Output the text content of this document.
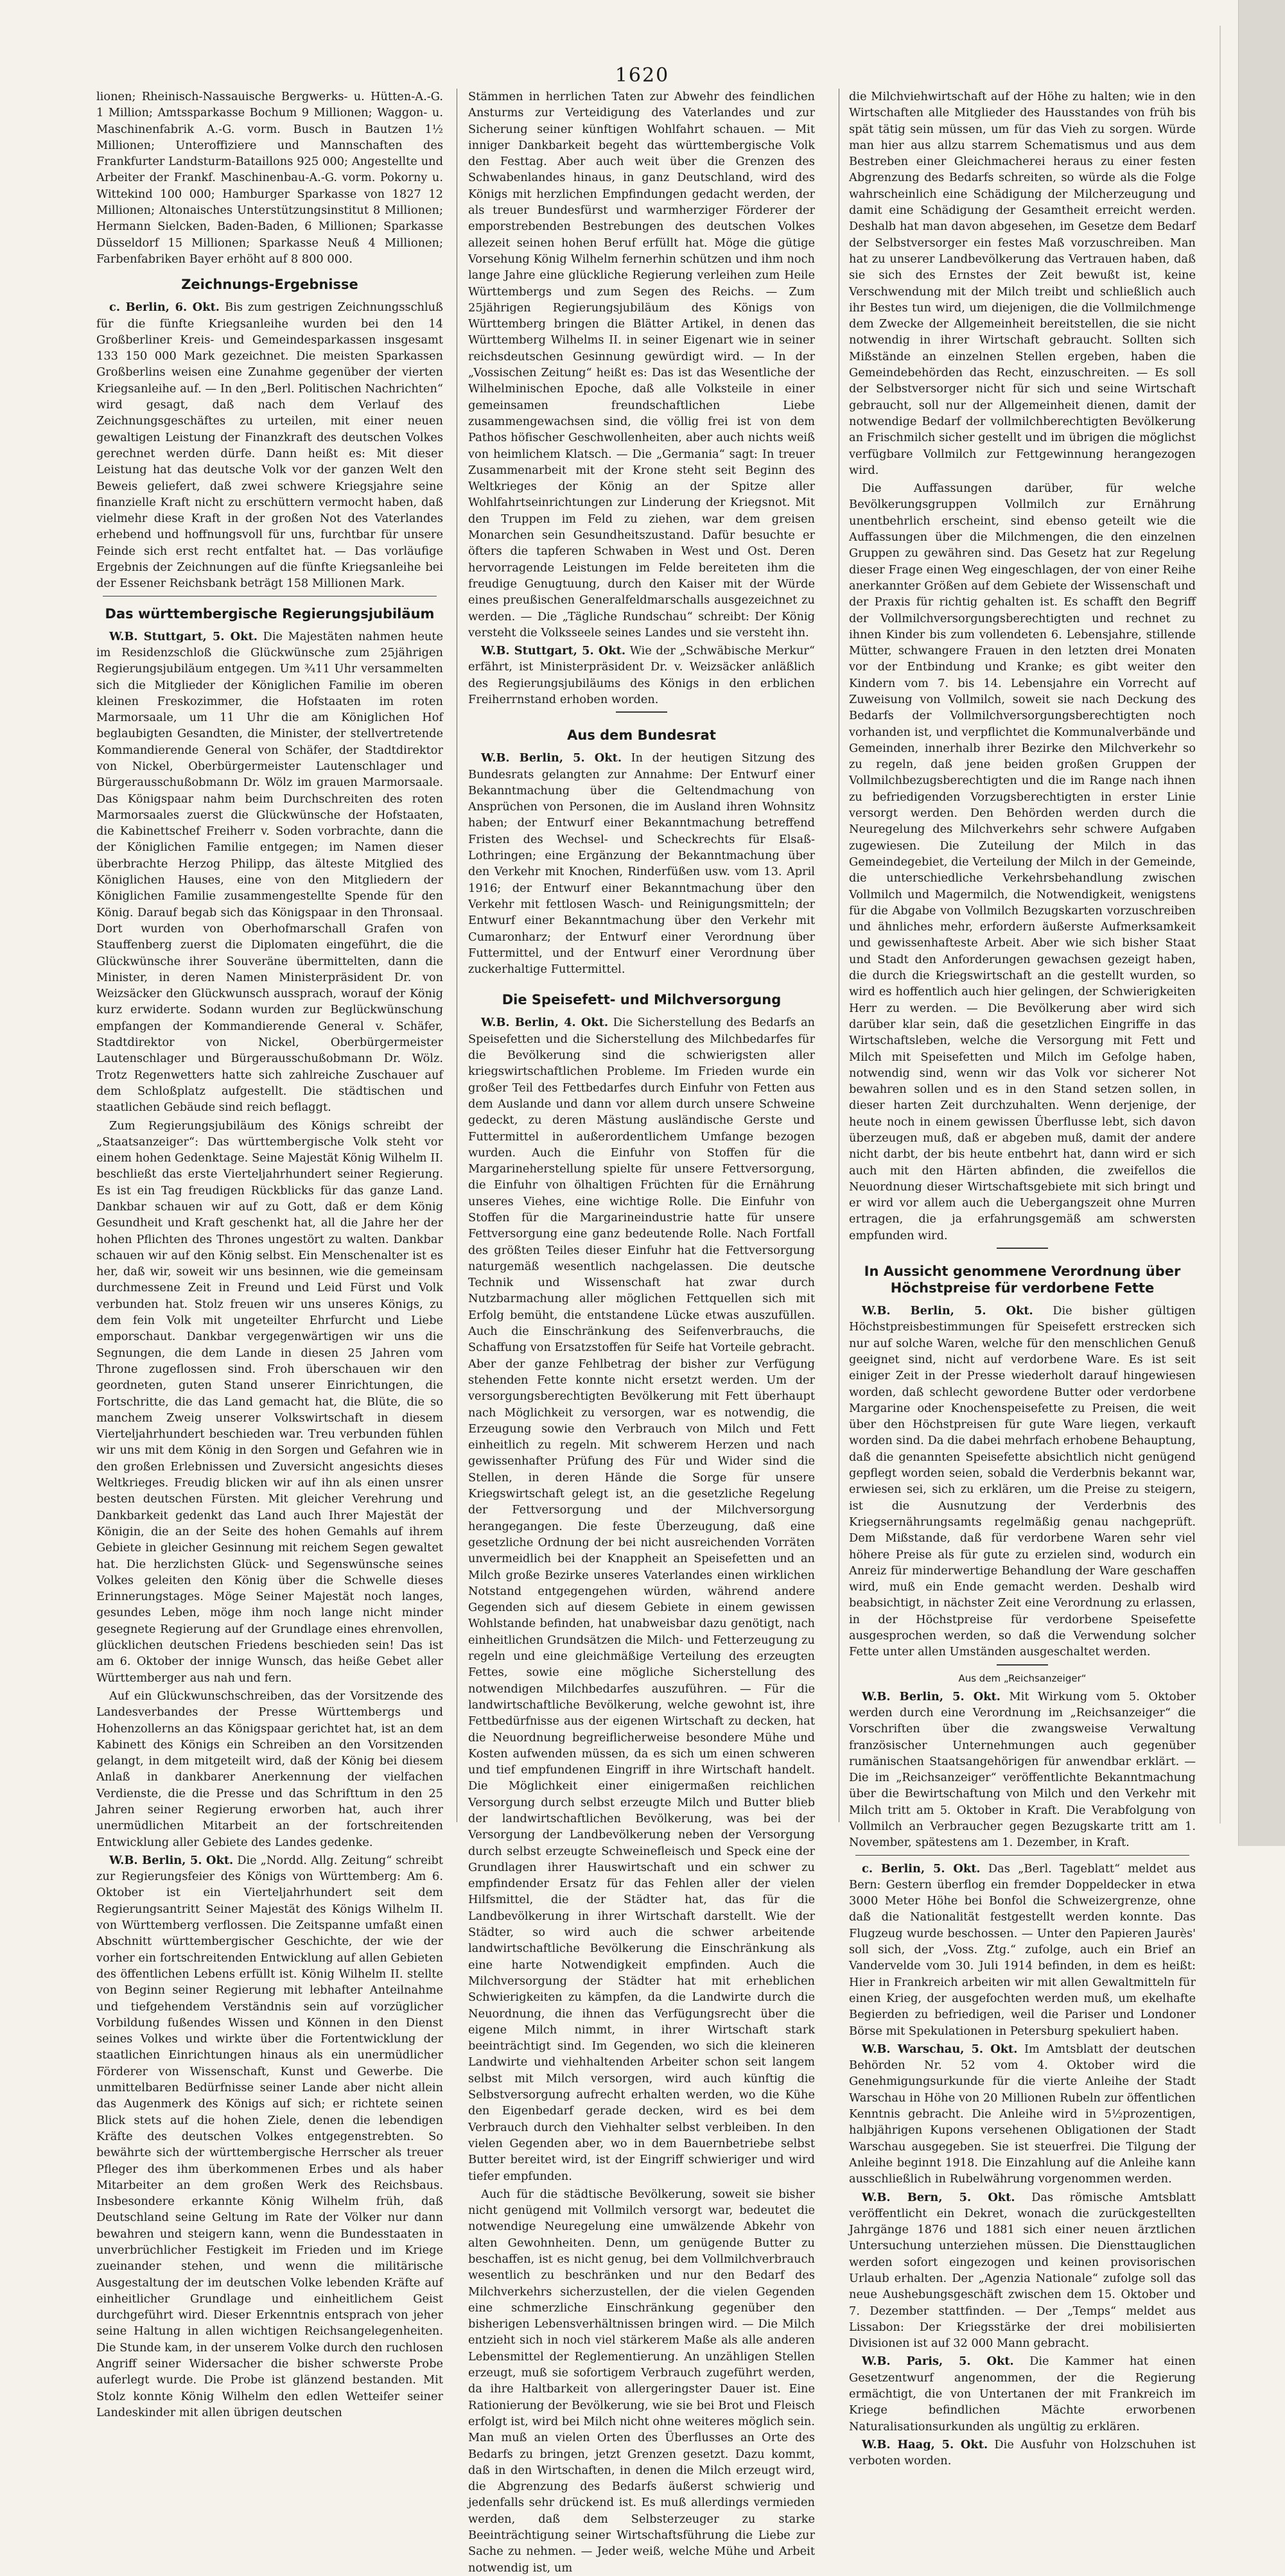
1620

lionen; Rheinisch-Nassauische Bergwerks- u. Hütten-A.-G. 1 Million; Amtssparkasse Bochum 9 Millionen; Waggon- u. Maschinenfabrik A.-G. vorm. Busch in Bautzen 1½ Millionen; Unteroffiziere und Mannschaften des Frankfurter Landsturm-Bataillons 925 000; Angestellte und Arbeiter der Frankf. Maschinenbau-A.-G. vorm. Pokorny u. Wittekind 100 000; Hamburger Sparkasse von 1827 12 Millionen; Altonaisches Unterstützungsinstitut 8 Millionen; Hermann Sielcken, Baden-Baden, 6 Millionen; Sparkasse Düsseldorf 15 Millionen; Sparkasse Neuß 4 Millionen; Farbenfabriken Bayer erhöht auf 8 800 000.

Zeichnungs-Ergebnisse

c. Berlin, 6. Okt. Bis zum gestrigen Zeichnungsschluß für die fünfte Kriegsanleihe wurden bei den 14 Großberliner Kreis- und Gemeindesparkassen insgesamt 133 150 000 Mark gezeichnet. Die meisten Sparkassen Großberlins weisen eine Zunahme gegenüber der vierten Kriegsanleihe auf. — In den „Berl. Politischen Nachrichten“ wird gesagt, daß nach dem Verlauf des Zeichnungsgeschäftes zu urteilen, mit einer neuen gewaltigen Leistung der Finanzkraft des deutschen Volkes gerechnet werden dürfe. Dann heißt es: Mit dieser Leistung hat das deutsche Volk vor der ganzen Welt den Beweis geliefert, daß zwei schwere Kriegsjahre seine finanzielle Kraft nicht zu erschüttern vermocht haben, daß vielmehr diese Kraft in der großen Not des Vaterlandes erhebend und hoffnungsvoll für uns, furchtbar für unsere Feinde sich erst recht entfaltet hat. — Das vorläufige Ergebnis der Zeichnungen auf die fünfte Kriegsanleihe bei der Essener Reichsbank beträgt 158 Millionen Mark.

Das württembergische Regierungsjubiläum

W.B. Stuttgart, 5. Okt. Die Majestäten nahmen heute im Residenzschloß die Glückwünsche zum 25jährigen Regierungsjubiläum entgegen. Um ¾11 Uhr versammelten sich die Mitglieder der Königlichen Familie im oberen kleinen Freskozimmer, die Hofstaaten im roten Marmorsaale, um 11 Uhr die am Königlichen Hof beglaubigten Gesandten, die Minister, der stellvertretende Kommandierende General von Schäfer, der Stadtdirektor von Nickel, Oberbürgermeister Lautenschlager und Bürgerausschußobmann Dr. Wölz im grauen Marmorsaale. Das Königspaar nahm beim Durchschreiten des roten Marmorsaales zuerst die Glückwünsche der Hofstaaten, die Kabinettschef Freiherr v. Soden vorbrachte, dann die der Königlichen Familie entgegen; im Namen dieser überbrachte Herzog Philipp, das älteste Mitglied des Königlichen Hauses, eine von den Mitgliedern der Königlichen Familie zusammengestellte Spende für den König. Darauf begab sich das Königspaar in den Thronsaal. Dort wurden von Oberhofmarschall Grafen von Stauffenberg zuerst die Diplomaten eingeführt, die die Glückwünsche ihrer Souveräne übermittelten, dann die Minister, in deren Namen Ministerpräsident Dr. von Weizsäcker den Glückwunsch aussprach, worauf der König kurz erwiderte. Sodann wurden zur Beglückwünschung empfangen der Kommandierende General v. Schäfer, Stadtdirektor von Nickel, Oberbürgermeister Lautenschlager und Bürgerausschußobmann Dr. Wölz. Trotz Regenwetters hatte sich zahlreiche Zuschauer auf dem Schloßplatz aufgestellt. Die städtischen und staatlichen Gebäude sind reich beflaggt.

Zum Regierungsjubiläum des Königs schreibt der „Staatsanzeiger“: Das württembergische Volk steht vor einem hohen Gedenktage. Seine Majestät König Wilhelm II. beschließt das erste Vierteljahrhundert seiner Regierung. Es ist ein Tag freudigen Rückblicks für das ganze Land. Dankbar schauen wir auf zu Gott, daß er dem König Gesundheit und Kraft geschenkt hat, all die Jahre her der hohen Pflichten des Thrones ungestört zu walten. Dankbar schauen wir auf den König selbst. Ein Menschenalter ist es her, daß wir, soweit wir uns besinnen, wie die gemeinsam durchmessene Zeit in Freund und Leid Fürst und Volk verbunden hat. Stolz freuen wir uns unseres Königs, zu dem fein Volk mit ungeteilter Ehrfurcht und Liebe emporschaut. Dankbar vergegenwärtigen wir uns die Segnungen, die dem Lande in diesen 25 Jahren vom Throne zugeflossen sind. Froh überschauen wir den geordneten, guten Stand unserer Einrichtungen, die Fortschritte, die das Land gemacht hat, die Blüte, die so manchem Zweig unserer Volkswirtschaft in diesem Vierteljahrhundert beschieden war. Treu verbunden fühlen wir uns mit dem König in den Sorgen und Gefahren wie in den großen Erlebnissen und Zuversicht angesichts dieses Weltkrieges. Freudig blicken wir auf ihn als einen unsrer besten deutschen Fürsten. Mit gleicher Verehrung und Dankbarkeit gedenkt das Land auch Ihrer Majestät der Königin, die an der Seite des hohen Gemahls auf ihrem Gebiete in gleicher Gesinnung mit reichem Segen gewaltet hat. Die herzlichsten Glück- und Segenswünsche seines Volkes geleiten den König über die Schwelle dieses Erinnerungstages. Möge Seiner Majestät noch langes, gesundes Leben, möge ihm noch lange nicht minder gesegnete Regierung auf der Grundlage eines ehrenvollen, glücklichen deutschen Friedens beschieden sein! Das ist am 6. Oktober der innige Wunsch, das heiße Gebet aller Württemberger aus nah und fern.

Auf ein Glückwunschschreiben, das der Vorsitzende des Landesverbandes der Presse Württembergs und Hohenzollerns an das Königspaar gerichtet hat, ist an dem Kabinett des Königs ein Schreiben an den Vorsitzenden gelangt, in dem mitgeteilt wird, daß der König bei diesem Anlaß in dankbarer Anerkennung der vielfachen Verdienste, die die Presse und das Schrifttum in den 25 Jahren seiner Regierung erworben hat, auch ihrer unermüdlichen Mitarbeit an der fortschreitenden Entwicklung aller Gebiete des Landes gedenke.

W.B. Berlin, 5. Okt. Die „Nordd. Allg. Zeitung“ schreibt zur Regierungsfeier des Königs von Württemberg: Am 6. Oktober ist ein Vierteljahrhundert seit dem Regierungsantritt Seiner Majestät des Königs Wilhelm II. von Württemberg verflossen. Die Zeitspanne umfaßt einen Abschnitt württembergischer Geschichte, der wie der vorher ein fortschreitenden Entwicklung auf allen Gebieten des öffentlichen Lebens erfüllt ist. König Wilhelm II. stellte von Beginn seiner Regierung mit lebhafter Anteilnahme und tiefgehendem Verständnis sein auf vorzüglicher Vorbildung fußendes Wissen und Können in den Dienst seines Volkes und wirkte über die Fortentwicklung der staatlichen Einrichtungen hinaus als ein unermüdlicher Förderer von Wissenschaft, Kunst und Gewerbe. Die unmittelbaren Bedürfnisse seiner Lande aber nicht allein das Augenmerk des Königs auf sich; er richtete seinen Blick stets auf die hohen Ziele, denen die lebendigen Kräfte des deutschen Volkes entgegenstrebten. So bewährte sich der württembergische Herrscher als treuer Pfleger des ihm überkommenen Erbes und als haber Mitarbeiter an dem großen Werk des Reichsbaus. Insbesondere erkannte König Wilhelm früh, daß Deutschland seine Geltung im Rate der Völker nur dann bewahren und steigern kann, wenn die Bundesstaaten in unverbrüchlicher Festigkeit im Frieden und im Kriege zueinander stehen, und wenn die militärische Ausgestaltung der im deutschen Volke lebenden Kräfte auf einheitlicher Grundlage und einheitlichem Geist durchgeführt wird. Dieser Erkenntnis entsprach von jeher seine Haltung in allen wichtigen Reichsangelegenheiten. Die Stunde kam, in der unserem Volke durch den ruchlosen Angriff seiner Widersacher die bisher schwerste Probe auferlegt wurde. Die Probe ist glänzend bestanden. Mit Stolz konnte König Wilhelm den edlen Wetteifer seiner Landeskinder mit allen übrigen deutschen

Stämmen in herrlichen Taten zur Abwehr des feindlichen Ansturms zur Verteidigung des Vaterlandes und zur Sicherung seiner künftigen Wohlfahrt schauen. — Mit inniger Dankbarkeit begeht das württembergische Volk den Festtag. Aber auch weit über die Grenzen des Schwabenlandes hinaus, in ganz Deutschland, wird des Königs mit herzlichen Empfindungen gedacht werden, der als treuer Bundesfürst und warmherziger Förderer der emporstrebenden Bestrebungen des deutschen Volkes allezeit seinen hohen Beruf erfüllt hat. Möge die gütige Vorsehung König Wilhelm fernerhin schützen und ihm noch lange Jahre eine glückliche Regierung verleihen zum Heile Württembergs und zum Segen des Reichs. — Zum 25jährigen Regierungsjubiläum des Königs von Württemberg bringen die Blätter Artikel, in denen das Württemberg Wilhelms II. in seiner Eigenart wie in seiner reichsdeutschen Gesinnung gewürdigt wird. — In der „Vossischen Zeitung“ heißt es: Das ist das Wesentliche der Wilhelminischen Epoche, daß alle Volksteile in einer gemeinsamen freundschaftlichen Liebe zusammengewachsen sind, die völlig frei ist von dem Pathos höfischer Geschwollenheiten, aber auch nichts weiß von heimlichem Klatsch. — Die „Germania“ sagt: In treuer Zusammenarbeit mit der Krone steht seit Beginn des Weltkrieges der König an der Spitze aller Wohlfahrtseinrichtungen zur Linderung der Kriegsnot. Mit den Truppen im Feld zu ziehen, war dem greisen Monarchen sein Gesundheitszustand. Dafür besuchte er öfters die tapferen Schwaben in West und Ost. Deren hervorragende Leistungen im Felde bereiteten ihm die freudige Genugtuung, durch den Kaiser mit der Würde eines preußischen Generalfeldmarschalls ausgezeichnet zu werden. — Die „Tägliche Rundschau“ schreibt: Der König versteht die Volksseele seines Landes und sie versteht ihn.

W.B. Stuttgart, 5. Okt. Wie der „Schwäbische Merkur“ erfährt, ist Ministerpräsident Dr. v. Weizsäcker anläßlich des Regierungsjubiläums des Königs in den erblichen Freiherrnstand erhoben worden.

Aus dem Bundesrat

W.B. Berlin, 5. Okt. In der heutigen Sitzung des Bundesrats gelangten zur Annahme: Der Entwurf einer Bekanntmachung über die Geltendmachung von Ansprüchen von Personen, die im Ausland ihren Wohnsitz haben; der Entwurf einer Bekanntmachung betreffend Fristen des Wechsel- und Scheckrechts für Elsaß-Lothringen; eine Ergänzung der Bekanntmachung über den Verkehr mit Knochen, Rinderfüßen usw. vom 13. April 1916; der Entwurf einer Bekanntmachung über den Verkehr mit fettlosen Wasch- und Reinigungsmitteln; der Entwurf einer Bekanntmachung über den Verkehr mit Cumaronharz; der Entwurf einer Verordnung über Futtermittel, und der Entwurf einer Verordnung über zuckerhaltige Futtermittel.

Die Speisefett- und Milchversorgung

W.B. Berlin, 4. Okt. Die Sicherstellung des Bedarfs an Speisefetten und die Sicherstellung des Milchbedarfes für die Bevölkerung sind die schwierigsten aller kriegswirtschaftlichen Probleme. Im Frieden wurde ein großer Teil des Fettbedarfes durch Einfuhr von Fetten aus dem Auslande und dann vor allem durch unsere Schweine gedeckt, zu deren Mästung ausländische Gerste und Futtermittel in außerordentlichem Umfange bezogen wurden. Auch die Einfuhr von Stoffen für die Margarineherstellung spielte für unsere Fettversorgung, die Einfuhr von ölhaltigen Früchten für die Ernährung unseres Viehes, eine wichtige Rolle. Die Einfuhr von Stoffen für die Margarineindustrie hatte für unsere Fettversorgung eine ganz bedeutende Rolle. Nach Fortfall des größten Teiles dieser Einfuhr hat die Fettversorgung naturgemäß wesentlich nachgelassen. Die deutsche Technik und Wissenschaft hat zwar durch Nutzbarmachung aller möglichen Fettquellen sich mit Erfolg bemüht, die entstandene Lücke etwas auszufüllen. Auch die Einschränkung des Seifenverbrauchs, die Schaffung von Ersatzstoffen für Seife hat Vorteile gebracht. Aber der ganze Fehlbetrag der bisher zur Verfügung stehenden Fette konnte nicht ersetzt werden. Um der versorgungsberechtigten Bevölkerung mit Fett überhaupt nach Möglichkeit zu versorgen, war es notwendig, die Erzeugung sowie den Verbrauch von Milch und Fett einheitlich zu regeln. Mit schwerem Herzen und nach gewissenhafter Prüfung des Für und Wider sind die Stellen, in deren Hände die Sorge für unsere Kriegswirtschaft gelegt ist, an die gesetzliche Regelung der Fettversorgung und der Milchversorgung herangegangen. Die feste Überzeugung, daß eine gesetzliche Ordnung der bei nicht ausreichenden Vorräten unvermeidlich bei der Knappheit an Speisefetten und an Milch große Bezirke unseres Vaterlandes einen wirklichen Notstand entgegengehen würden, während andere Gegenden sich auf diesem Gebiete in einem gewissen Wohlstande befinden, hat unabweisbar dazu genötigt, nach einheitlichen Grundsätzen die Milch- und Fetterzeugung zu regeln und eine gleichmäßige Verteilung des erzeugten Fettes, sowie eine mögliche Sicherstellung des notwendigen Milchbedarfes auszuführen. — Für die landwirtschaftliche Bevölkerung, welche gewohnt ist, ihre Fettbedürfnisse aus der eigenen Wirtschaft zu decken, hat die Neuordnung begreiflicherweise besondere Mühe und Kosten aufwenden müssen, da es sich um einen schweren und tief empfundenen Eingriff in ihre Wirtschaft handelt. Die Möglichkeit einer einigermaßen reichlichen Versorgung durch selbst erzeugte Milch und Butter blieb der landwirtschaftlichen Bevölkerung, was bei der Versorgung der Landbevölkerung neben der Versorgung durch selbst erzeugte Schweinefleisch und Speck eine der Grundlagen ihrer Hauswirtschaft und ein schwer zu empfindender Ersatz für das Fehlen aller der vielen Hilfsmittel, die der Städter hat, das für die Landbevölkerung in ihrer Wirtschaft darstellt. Wie der Städter, so wird auch die schwer arbeitende landwirtschaftliche Bevölkerung die Einschränkung als eine harte Notwendigkeit empfinden. Auch die Milchversorgung der Städter hat mit erheblichen Schwierigkeiten zu kämpfen, da die Landwirte durch die Neuordnung, die ihnen das Verfügungsrecht über die eigene Milch nimmt, in ihrer Wirtschaft stark beeinträchtigt sind. Im Gegenden, wo sich die kleineren Landwirte und viehhaltenden Arbeiter schon seit langem selbst mit Milch versorgen, wird auch künftig die Selbstversorgung aufrecht erhalten werden, wo die Kühe den Eigenbedarf gerade decken, wird es bei dem Verbrauch durch den Viehhalter selbst verbleiben. In den vielen Gegenden aber, wo in dem Bauernbetriebe selbst Butter bereitet wird, ist der Eingriff schwieriger und wird tiefer empfunden.

Auch für die städtische Bevölkerung, soweit sie bisher nicht genügend mit Vollmilch versorgt war, bedeutet die notwendige Neuregelung eine umwälzende Abkehr von alten Gewohnheiten. Denn, um genügende Butter zu beschaffen, ist es nicht genug, bei dem Vollmilchverbrauch wesentlich zu beschränken und nur den Bedarf des Milchverkehrs sicherzustellen, der die vielen Gegenden eine schmerzliche Einschränkung gegenüber den bisherigen Lebensverhältnissen bringen wird. — Die Milch entzieht sich in noch viel stärkerem Maße als alle anderen Lebensmittel der Reglementierung. An unzähligen Stellen erzeugt, muß sie sofortigem Verbrauch zugeführt werden, da ihre Haltbarkeit von allergeringster Dauer ist. Eine Rationierung der Bevölkerung, wie sie bei Brot und Fleisch erfolgt ist, wird bei Milch nicht ohne weiteres möglich sein. Man muß an vielen Orten des Überflusses an Orte des Bedarfs zu bringen, jetzt Grenzen gesetzt. Dazu kommt, daß in den Wirtschaften, in denen die Milch erzeugt wird, die Abgrenzung des Bedarfs äußerst schwierig und jedenfalls sehr drückend ist. Es muß allerdings vermieden werden, daß dem Selbsterzeuger zu starke Beeinträchtigung seiner Wirtschaftsführung die Liebe zur Sache zu nehmen. — Jeder weiß, welche Mühe und Arbeit notwendig ist, um

die Milchviehwirtschaft auf der Höhe zu halten; wie in den Wirtschaften alle Mitglieder des Hausstandes von früh bis spät tätig sein müssen, um für das Vieh zu sorgen. Würde man hier aus allzu starrem Schematismus und aus dem Bestreben einer Gleichmacherei heraus zu einer festen Abgrenzung des Bedarfs schreiten, so würde als die Folge wahrscheinlich eine Schädigung der Milcherzeugung und damit eine Schädigung der Gesamtheit erreicht werden. Deshalb hat man davon abgesehen, im Gesetze dem Bedarf der Selbstversorger ein festes Maß vorzuschreiben. Man hat zu unserer Landbevölkerung das Vertrauen haben, daß sie sich des Ernstes der Zeit bewußt ist, keine Verschwendung mit der Milch treibt und schließlich auch ihr Bestes tun wird, um diejenigen, die die Vollmilchmenge dem Zwecke der Allgemeinheit bereitstellen, die sie nicht notwendig in ihrer Wirtschaft gebraucht. Sollten sich Mißstände an einzelnen Stellen ergeben, haben die Gemeindebehörden das Recht, einzuschreiten. — Es soll der Selbstversorger nicht für sich und seine Wirtschaft gebraucht, soll nur der Allgemeinheit dienen, damit der notwendige Bedarf der vollmilchberechtigten Bevölkerung an Frischmilch sicher gestellt und im übrigen die möglichst verfügbare Vollmilch zur Fettgewinnung herangezogen wird.

Die Auffassungen darüber, für welche Bevölkerungsgruppen Vollmilch zur Ernährung unentbehrlich erscheint, sind ebenso geteilt wie die Auffassungen über die Milchmengen, die den einzelnen Gruppen zu gewähren sind. Das Gesetz hat zur Regelung dieser Frage einen Weg eingeschlagen, der von einer Reihe anerkannter Größen auf dem Gebiete der Wissenschaft und der Praxis für richtig gehalten ist. Es schafft den Begriff der Vollmilchversorgungsberechtigten und rechnet zu ihnen Kinder bis zum vollendeten 6. Lebensjahre, stillende Mütter, schwangere Frauen in den letzten drei Monaten vor der Entbindung und Kranke; es gibt weiter den Kindern vom 7. bis 14. Lebensjahre ein Vorrecht auf Zuweisung von Vollmilch, soweit sie nach Deckung des Bedarfs der Vollmilchversorgungsberechtigten noch vorhanden ist, und verpflichtet die Kommunalverbände und Gemeinden, innerhalb ihrer Bezirke den Milchverkehr so zu regeln, daß jene beiden großen Gruppen der Vollmilchbezugsberechtigten und die im Range nach ihnen zu befriedigenden Vorzugsberechtigten in erster Linie versorgt werden. Den Behörden werden durch die Neuregelung des Milchverkehrs sehr schwere Aufgaben zugewiesen. Die Zuteilung der Milch in das Gemeindegebiet, die Verteilung der Milch in der Gemeinde, die unterschiedliche Verkehrsbehandlung zwischen Vollmilch und Magermilch, die Notwendigkeit, wenigstens für die Abgabe von Vollmilch Bezugskarten vorzuschreiben und ähnliches mehr, erfordern äußerste Aufmerksamkeit und gewissenhafteste Arbeit. Aber wie sich bisher Staat und Stadt den Anforderungen gewachsen gezeigt haben, die durch die Kriegswirtschaft an die gestellt wurden, so wird es hoffentlich auch hier gelingen, der Schwierigkeiten Herr zu werden. — Die Bevölkerung aber wird sich darüber klar sein, daß die gesetzlichen Eingriffe in das Wirtschaftsleben, welche die Versorgung mit Fett und Milch mit Speisefetten und Milch im Gefolge haben, notwendig sind, wenn wir das Volk vor sicherer Not bewahren sollen und es in den Stand setzen sollen, in dieser harten Zeit durchzuhalten. Wenn derjenige, der heute noch in einem gewissen Überflusse lebt, sich davon überzeugen muß, daß er abgeben muß, damit der andere nicht darbt, der bis heute entbehrt hat, dann wird er sich auch mit den Härten abfinden, die zweifellos die Neuordnung dieser Wirtschaftsgebiete mit sich bringt und er wird vor allem auch die Uebergangszeit ohne Murren ertragen, die ja erfahrungsgemäß am schwersten empfunden wird.

In Aussicht genommene Verordnung über Höchstpreise für verdorbene Fette

W.B. Berlin, 5. Okt. Die bisher gültigen Höchstpreisbestimmungen für Speisefett erstrecken sich nur auf solche Waren, welche für den menschlichen Genuß geeignet sind, nicht auf verdorbene Ware. Es ist seit einiger Zeit in der Presse wiederholt darauf hingewiesen worden, daß schlecht gewordene Butter oder verdorbene Margarine oder Knochenspeisefette zu Preisen, die weit über den Höchstpreisen für gute Ware liegen, verkauft worden sind. Da die dabei mehrfach erhobene Behauptung, daß die genannten Speisefette absichtlich nicht genügend gepflegt worden seien, sobald die Verderbnis bekannt war, erwiesen sei, sich zu erklären, um die Preise zu steigern, ist die Ausnutzung der Verderbnis des Kriegsernährungsamts regelmäßig genau nachgeprüft. Dem Mißstande, daß für verdorbene Waren sehr viel höhere Preise als für gute zu erzielen sind, wodurch ein Anreiz für minderwertige Behandlung der Ware geschaffen wird, muß ein Ende gemacht werden. Deshalb wird beabsichtigt, in nächster Zeit eine Verordnung zu erlassen, in der Höchstpreise für verdorbene Speisefette ausgesprochen werden, so daß die Verwendung solcher Fette unter allen Umständen ausgeschaltet werden.

Aus dem „Reichsanzeiger“

W.B. Berlin, 5. Okt. Mit Wirkung vom 5. Oktober werden durch eine Verordnung im „Reichsanzeiger“ die Vorschriften über die zwangsweise Verwaltung französischer Unternehmungen auch gegenüber rumänischen Staatsangehörigen für anwendbar erklärt. — Die im „Reichsanzeiger“ veröffentlichte Bekanntmachung über die Bewirtschaftung von Milch und den Verkehr mit Milch tritt am 5. Oktober in Kraft. Die Verabfolgung von Vollmilch an Verbraucher gegen Bezugskarte tritt am 1. November, spätestens am 1. Dezember, in Kraft.

c. Berlin, 5. Okt. Das „Berl. Tageblatt“ meldet aus Bern: Gestern überflog ein fremder Doppeldecker in etwa 3000 Meter Höhe bei Bonfol die Schweizergrenze, ohne daß die Nationalität festgestellt werden konnte. Das Flugzeug wurde beschossen. — Unter den Papieren Jaurès' soll sich, der „Voss. Ztg.“ zufolge, auch ein Brief an Vandervelde vom 30. Juli 1914 befinden, in dem es heißt: Hier in Frankreich arbeiten wir mit allen Gewaltmitteln für einen Krieg, der ausgefochten werden muß, um ekelhafte Begierden zu befriedigen, weil die Pariser und Londoner Börse mit Spekulationen in Petersburg spekuliert haben.

W.B. Warschau, 5. Okt. Im Amtsblatt der deutschen Behörden Nr. 52 vom 4. Oktober wird die Genehmigungsurkunde für die vierte Anleihe der Stadt Warschau in Höhe von 20 Millionen Rubeln zur öffentlichen Kenntnis gebracht. Die Anleihe wird in 5½prozentigen, halbjährigen Kupons versehenen Obligationen der Stadt Warschau ausgegeben. Sie ist steuerfrei. Die Tilgung der Anleihe beginnt 1918. Die Einzahlung auf die Anleihe kann ausschließlich in Rubelwährung vorgenommen werden.

W.B. Bern, 5. Okt. Das römische Amtsblatt veröffentlicht ein Dekret, wonach die zurückgestellten Jahrgänge 1876 und 1881 sich einer neuen ärztlichen Untersuchung unterziehen müssen. Die Diensttauglichen werden sofort eingezogen und keinen provisorischen Urlaub erhalten. Der „Agenzia Nationale“ zufolge soll das neue Aushebungsgeschäft zwischen dem 15. Oktober und 7. Dezember stattfinden. — Der „Temps“ meldet aus Lissabon: Der Kriegsstärke der drei mobilisierten Divisionen ist auf 32 000 Mann gebracht.

W.B. Paris, 5. Okt. Die Kammer hat einen Gesetzentwurf angenommen, der die Regierung ermächtigt, die von Untertanen der mit Frankreich im Kriege befindlichen Mächte erworbenen Naturalisationsurkunden als ungültig zu erklären.

W.B. Haag, 5. Okt. Die Ausfuhr von Holzschuhen ist verboten worden.
